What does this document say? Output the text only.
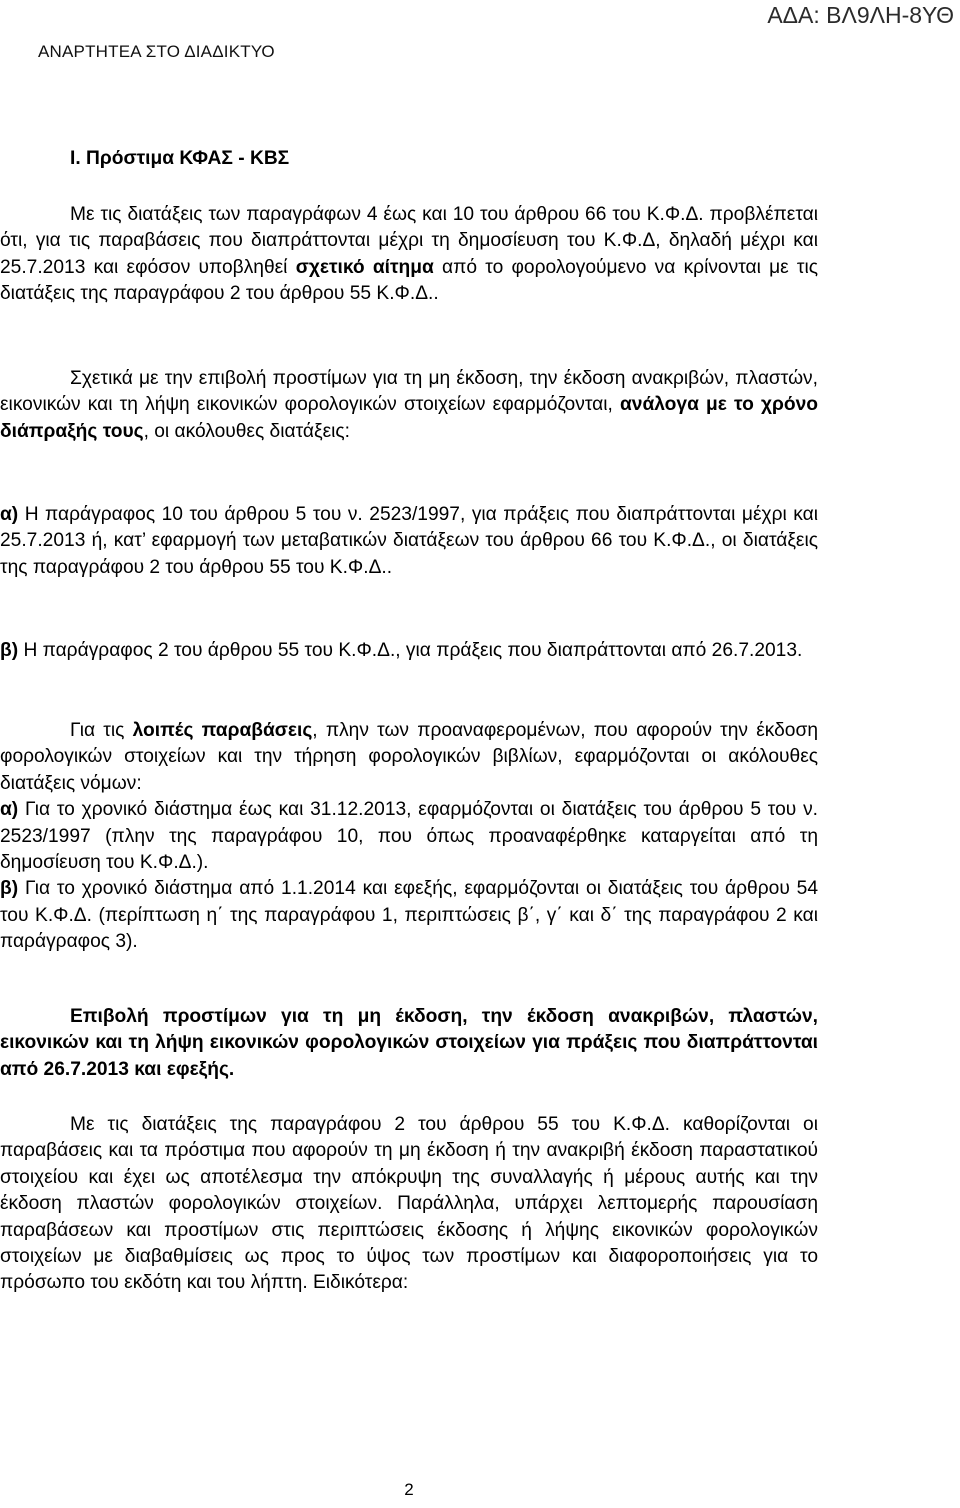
ΑΔΑ: ΒΛ9ΛΗ-8ΥΘ
ΑΝΑΡΤΗΤΕΑ ΣΤΟ ΔΙΑΔΙΚΤΥΟ
Ι. Πρόστιμα ΚΦΑΣ - ΚΒΣ

Με τις διατάξεις των παραγράφων 4 έως και 10 του άρθρου 66 του Κ.Φ.Δ. προβλέπεται ότι, για τις παραβάσεις που διαπράττονται μέχρι τη δημοσίευση του Κ.Φ.Δ, δηλαδή μέχρι και 25.7.2013 και εφόσον υποβληθεί σχετικό αίτημα από το φορολογούμενο να κρίνονται με τις διατάξεις της παραγράφου 2 του άρθρου 55 Κ.Φ.Δ..

Σχετικά με την επιβολή προστίμων για τη μη έκδοση, την έκδοση ανακριβών, πλαστών, εικονικών και τη λήψη εικονικών φορολογικών στοιχείων εφαρμόζονται, ανάλογα με το χρόνο διάπραξής τους, οι ακόλουθες διατάξεις:

α) Η παράγραφος 10 του άρθρου 5 του ν. 2523/1997, για πράξεις που διαπράττονται μέχρι και 25.7.2013 ή, κατ’ εφαρμογή των μεταβατικών διατάξεων του άρθρου 66 του Κ.Φ.Δ., οι διατάξεις της παραγράφου 2 του άρθρου 55 του Κ.Φ.Δ..

β) Η παράγραφος 2 του άρθρου 55 του Κ.Φ.Δ., για πράξεις που διαπράττονται από 26.7.2013.

Για τις λοιπές παραβάσεις, πλην των προαναφερομένων, που αφορούν την έκδοση φορολογικών στοιχείων και την τήρηση φορολογικών βιβλίων, εφαρμόζονται οι ακόλουθες διατάξεις νόμων:

α) Για το χρονικό διάστημα έως και 31.12.2013, εφαρμόζονται οι διατάξεις του άρθρου 5 του ν. 2523/1997 (πλην της παραγράφου 10, που όπως προαναφέρθηκε καταργείται από τη δημοσίευση του Κ.Φ.Δ.).

β) Για το χρονικό διάστημα από 1.1.2014 και εφεξής, εφαρμόζονται οι διατάξεις του άρθρου 54 του Κ.Φ.Δ. (περίπτωση η΄ της παραγράφου 1, περιπτώσεις β΄, γ΄ και δ΄ της παραγράφου 2 και παράγραφος 3).

Επιβολή προστίμων για τη μη έκδοση, την έκδοση ανακριβών, πλαστών, εικονικών και τη λήψη εικονικών φορολογικών στοιχείων για πράξεις που διαπράττονται από 26.7.2013 και εφεξής.

Με τις διατάξεις της παραγράφου 2 του άρθρου 55 του Κ.Φ.Δ. καθορίζονται οι παραβάσεις και τα πρόστιμα που αφορούν τη μη έκδοση ή την ανακριβή έκδοση παραστατικού στοιχείου και έχει ως αποτέλεσμα την απόκρυψη της συναλλαγής ή μέρους αυτής και την έκδοση πλαστών φορολογικών στοιχείων. Παράλληλα, υπάρχει λεπτομερής παρουσίαση παραβάσεων και προστίμων στις περιπτώσεις έκδοσης ή λήψης εικονικών φορολογικών στοιχείων με διαβαθμίσεις ως προς το ύψος των προστίμων και διαφοροποιήσεις για το πρόσωπο του εκδότη και του λήπτη. Ειδικότερα:

2
